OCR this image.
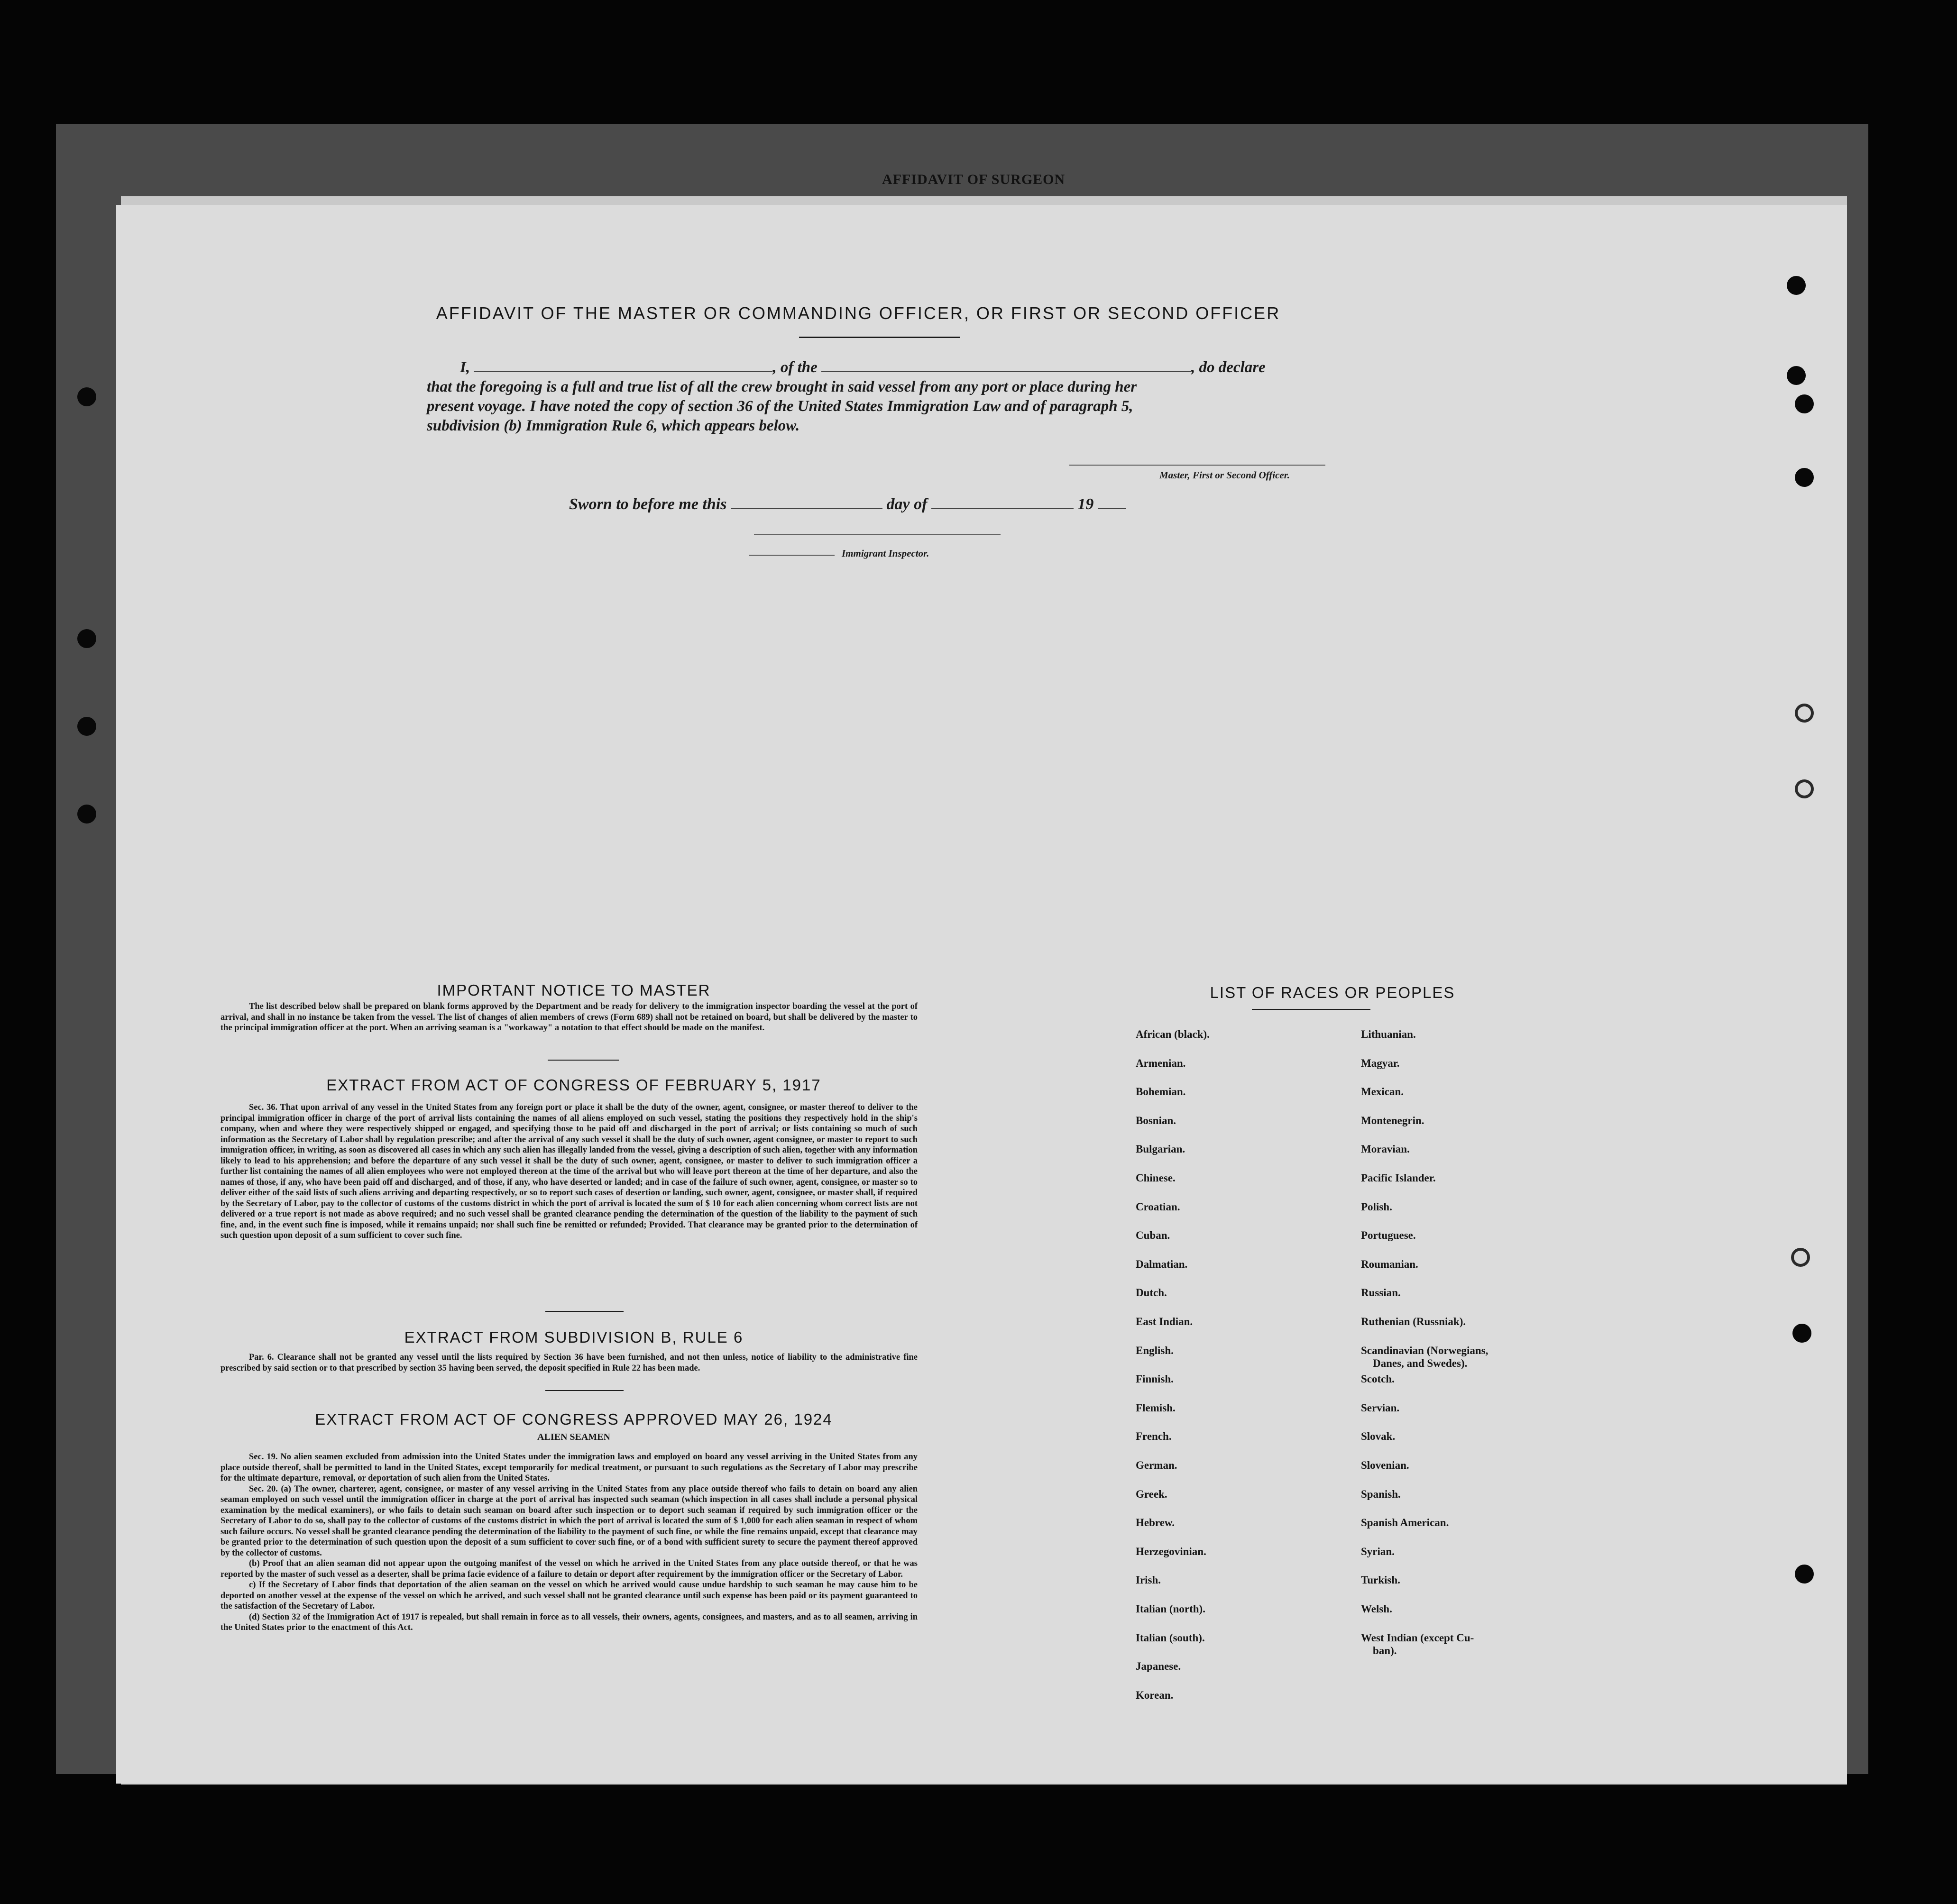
AFFIDAVIT OF SURGEON

AFFIDAVIT OF THE MASTER OR COMMANDING OFFICER, OR FIRST OR SECOND OFFICER
I,	, of the	, do declare
that the foregoing is a full and true list of all the crew brought in said vessel from any port or place during her
present voyage. I have noted the copy of section 36 of the United States Immigration Law and of paragraph 5,
subdivision (b) Immigration Rule 6, which appears below.
Master, First or Second Officer.
Sworn to before me this	day of	19
Immigrant Inspector.
IMPORTANT NOTICE TO MASTER

The list described below shall be prepared on blank forms approved by the Department and be ready for delivery to the immigration inspector boarding the vessel at the port of arrival, and shall in no instance be taken from the vessel. The list of changes of alien members of crews (Form 689) shall not be retained on board, but shall be delivered by the master to the principal immigration officer at the port. When an arriving seaman is a "workaway" a notation to that effect should be made on the manifest.

EXTRACT FROM ACT OF CONGRESS OF FEBRUARY 5, 1917

Sec. 36. That upon arrival of any vessel in the United States from any foreign port or place it shall be the duty of the owner, agent, consignee, or master thereof to deliver to the principal immigration officer in charge of the port of arrival lists containing the names of all aliens employed on such vessel, stating the positions they respectively hold in the ship's company, when and where they were respectively shipped or engaged, and specifying those to be paid off and discharged in the port of arrival; or lists containing so much of such information as the Secretary of Labor shall by regulation prescribe; and after the arrival of any such vessel it shall be the duty of such owner, agent consignee, or master to report to such immigration officer, in writing, as soon as discovered all cases in which any such alien has illegally landed from the vessel, giving a description of such alien, together with any information likely to lead to his apprehension; and before the departure of any such vessel it shall be the duty of such owner, agent, consignee, or master to deliver to such immigration officer a further list containing the names of all alien employees who were not employed thereon at the time of the arrival but who will leave port thereon at the time of her departure, and also the names of those, if any, who have been paid off and discharged, and of those, if any, who have deserted or landed; and in case of the failure of such owner, agent, consignee, or master so to deliver either of the said lists of such aliens arriving and departing respectively, or so to report such cases of desertion or landing, such owner, agent, consignee, or master shall, if required by the Secretary of Labor, pay to the collector of customs of the customs district in which the port of arrival is located the sum of $ 10 for each alien concerning whom correct lists are not delivered or a true report is not made as above required; and no such vessel shall be granted clearance pending the determination of the question of the liability to the payment of such fine, and, in the event such fine is imposed, while it remains unpaid; nor shall such fine be remitted or refunded; Provided. That clearance may be granted prior to the determination of such question upon deposit of a sum sufficient to cover such fine.

EXTRACT FROM SUBDIVISION B, RULE 6

Par. 6. Clearance shall not be granted any vessel until the lists required by Section 36 have been furnished, and not then unless, notice of liability to the administrative fine prescribed by said section or to that prescribed by section 35 having been served, the deposit specified in Rule 22 has been made.

EXTRACT FROM ACT OF CONGRESS APPROVED MAY 26, 1924
ALIEN SEAMEN

Sec. 19. No alien seamen excluded from admission into the United States under the immigration laws and employed on board any vessel arriving in the United States from any place outside thereof, shall be permitted to land in the United States, except temporarily for medical treatment, or pursuant to such regulations as the Secretary of Labor may prescribe for the ultimate departure, removal, or deportation of such alien from the United States.

Sec. 20. (a) The owner, charterer, agent, consignee, or master of any vessel arriving in the United States from any place outside thereof who fails to detain on board any alien seaman employed on such vessel until the immigration officer in charge at the port of arrival has inspected such seaman (which inspection in all cases shall include a personal physical examination by the medical examiners), or who fails to detain such seaman on board after such inspection or to deport such seaman if required by such immigration officer or the Secretary of Labor to do so, shall pay to the collector of customs of the customs district in which the port of arrival is located the sum of $ 1,000 for each alien seaman in respect of whom such failure occurs. No vessel shall be granted clearance pending the determination of the liability to the payment of such fine, or while the fine remains unpaid, except that clearance may be granted prior to the determination of such question upon the deposit of a sum sufficient to cover such fine, or of a bond with sufficient surety to secure the payment thereof approved by the collector of customs.

(b) Proof that an alien seaman did not appear upon the outgoing manifest of the vessel on which he arrived in the United States from any place outside thereof, or that he was reported by the master of such vessel as a deserter, shall be prima facie evidence of a failure to detain or deport after requirement by the immigration officer or the Secretary of Labor.

c) If the Secretary of Labor finds that deportation of the alien seaman on the vessel on which he arrived would cause undue hardship to such seaman he may cause him to be deported on another vessel at the expense of the vessel on which he arrived, and such vessel shall not be granted clearance until such expense has been paid or its payment guaranteed to the satisfaction of the Secretary of Labor.

(d) Section 32 of the Immigration Act of 1917 is repealed, but shall remain in force as to all vessels, their owners, agents, consignees, and masters, and as to all seamen, arriving in the United States prior to the enactment of this Act.

LIST OF RACES OR PEOPLES
African (black).
Armenian.
Bohemian.
Bosnian.
Bulgarian.
Chinese.
Croatian.
Cuban.
Dalmatian.
Dutch.
East Indian.
English.
Finnish.
Flemish.
French.
German.
Greek.
Hebrew.
Herzegovinian.
Irish.
Italian (north).
Italian (south).
Japanese.
Korean.
Lithuanian.
Magyar.
Mexican.
Montenegrin.
Moravian.
Pacific Islander.
Polish.
Portuguese.
Roumanian.
Russian.
Ruthenian (Russniak).
Scandinavian (Norwegians,
Danes, and Swedes).
Scotch.
Servian.
Slovak.
Slovenian.
Spanish.
Spanish American.
Syrian.
Turkish.
Welsh.
West Indian (except Cu-
ban).
